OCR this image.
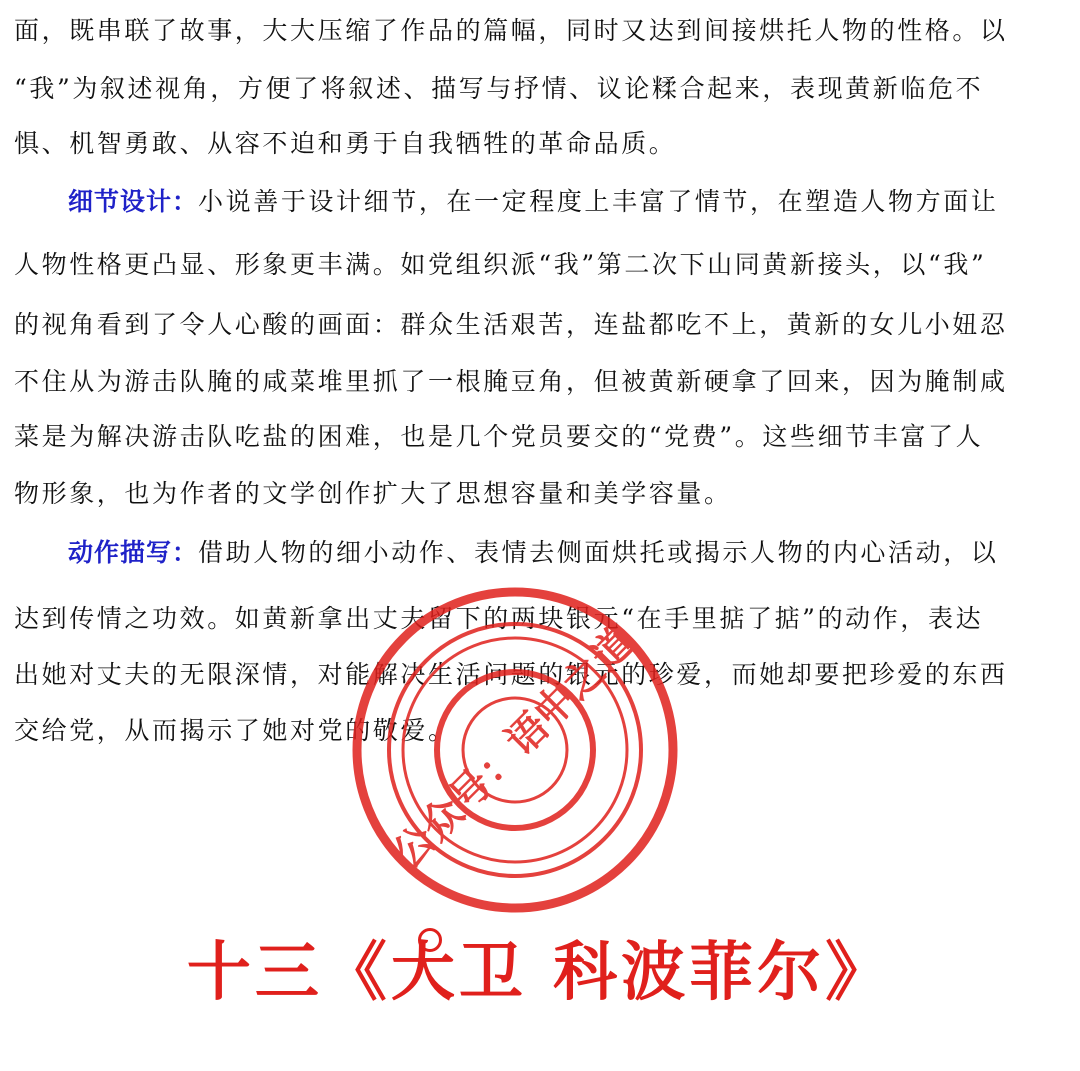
面，既串联了故事，大大压缩了作品的篇幅，同时又达到间接烘托人物的性格。以
“我”为叙述视角，方便了将叙述、描写与抒情、议论糅合起来，表现黄新临危不
惧、机智勇敢、从容不迫和勇于自我牺牲的革命品质。
细节设计：小说善于设计细节，在一定程度上丰富了情节，在塑造人物方面让
人物性格更凸显、形象更丰满。如党组织派“我”第二次下山同黄新接头，以“我”
的视角看到了令人心酸的画面：群众生活艰苦，连盐都吃不上，黄新的女儿小妞忍
不住从为游击队腌的咸菜堆里抓了一根腌豆角，但被黄新硬拿了回来，因为腌制咸
菜是为解决游击队吃盐的困难，也是几个党员要交的“党费”。这些细节丰富了人
物形象，也为作者的文学创作扩大了思想容量和美学容量。
动作描写：借助人物的细小动作、表情去侧面烘托或揭示人物的内心活动，以
达到传情之功效。如黄新拿出丈夫留下的两块银元“在手里掂了掂”的动作，表达
出她对丈夫的无限深情，对能解决生活问题的银元的珍爱，而她却要把珍爱的东西
交给党，从而揭示了她对党的敬爱。
公众号：语中之道
十三《大卫 科波菲尔》
